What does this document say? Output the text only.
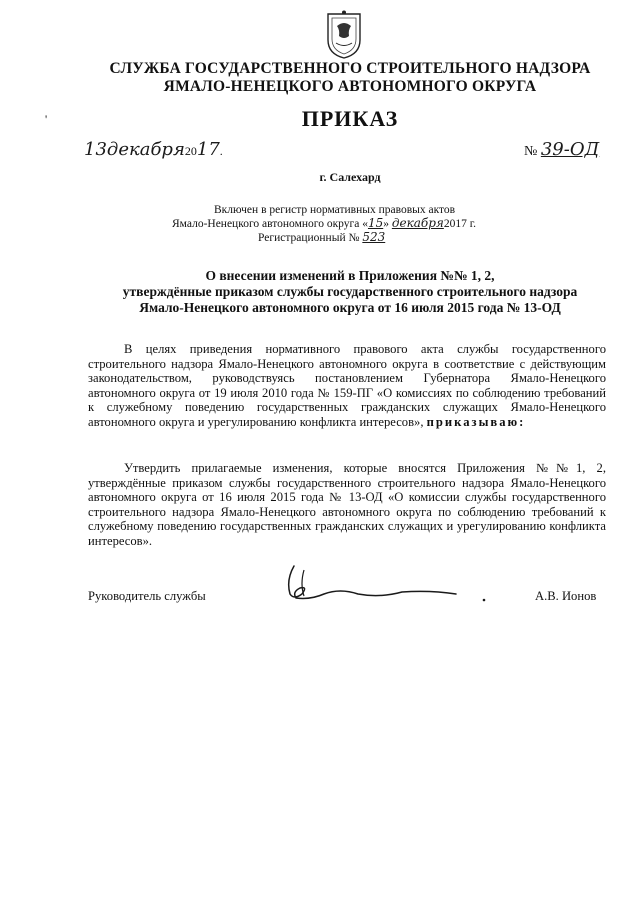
СЛУЖБА ГОСУДАРСТВЕННОГО СТРОИТЕЛЬНОГО НАДЗОРА
ЯМАЛО-НЕНЕЦКОГО АВТОНОМНОГО ОКРУГА
'	ПРИКАЗ
13декабря2017.	№ 39-ОД
г. Салехард
Включен в регистр нормативных правовых актов
Ямало-Ненецкого автономного округа «15» декабря2017 г.
Регистрационный № 523
О внесении изменений в Приложения №№ 1, 2,
утверждённые приказом службы государственного строительного надзора
Ямало-Ненецкого автономного округа от 16 июля 2015 года № 13-ОД
В целях приведения нормативного правового акта службы государственного строительного надзора Ямало-Ненецкого автономного округа в соответствие с действующим законодательством, руководствуясь постановлением Губернатора Ямало-Ненецкого автономного округа от 19 июля 2010 года № 159-ПГ «О комиссиях по соблюдению требований к служебному поведению государственных гражданских служащих Ямало-Ненецкого автономного округа и урегулированию конфликта интересов», приказываю:
Утвердить прилагаемые изменения, которые вносятся Приложения №№1, 2, утверждённые приказом службы государственного строительного надзора Ямало-Ненецкого автономного округа от 16 июля 2015 года № 13-ОД «О комиссии службы государственного строительного надзора Ямало-Ненецкого автономного округа по соблюдению требований к служебному поведению государственных гражданских служащих и урегулированию конфликта интересов».
Руководитель службы	А.В. Ионов
